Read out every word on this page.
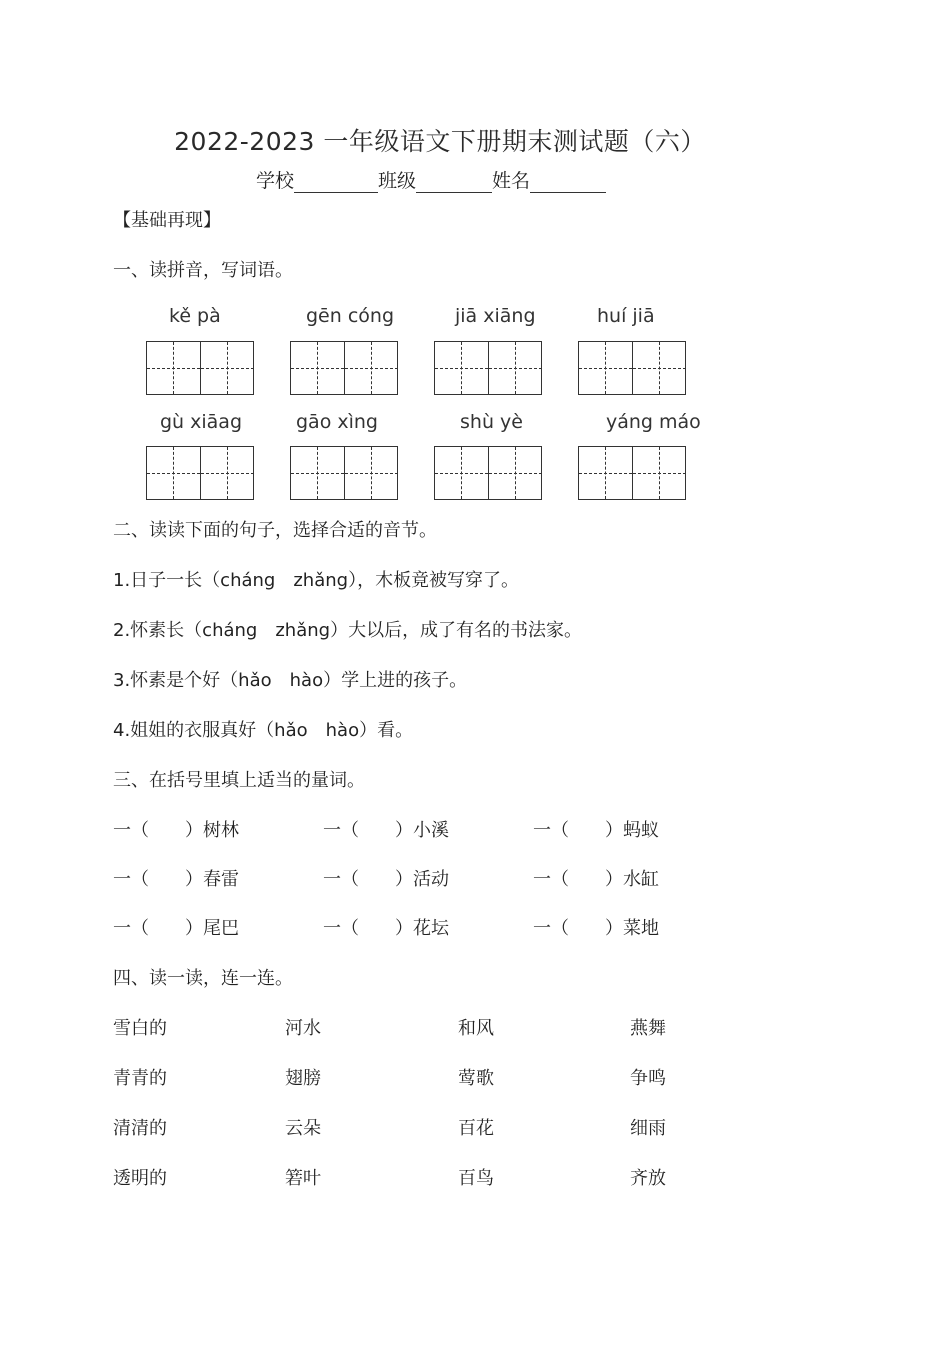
2022-2023 一年级语文下册期末测试题（六）
学校	班级	姓名
【基础再现】
一、读拼音，写词语。
kě pà	gēn cóng	jiā xiāng	huí jiā
gù xiāag	gāo xìng	shù yè	yáng máo
二、读读下面的句子，选择合适的音节。
1.日子一长（cháng　zhǎng），木板竟被写穿了。
2.怀素长（cháng　zhǎng）大以后，成了有名的书法家。
3.怀素是个好（hǎo　hào）学上进的孩子。
4.姐姐的衣服真好（hǎo　hào）看。
三、在括号里填上适当的量词。
一（　　）树林	一（　　）小溪	一（　　）蚂蚁
一（　　）春雷	一（　　）活动	一（　　）水缸
一（　　）尾巴	一（　　）花坛	一（　　）菜地
四、读一读，连一连。
雪白的	河水	和风	燕舞
青青的	翅膀	莺歌	争鸣
清清的	云朵	百花	细雨
透明的	箬叶	百鸟	齐放
